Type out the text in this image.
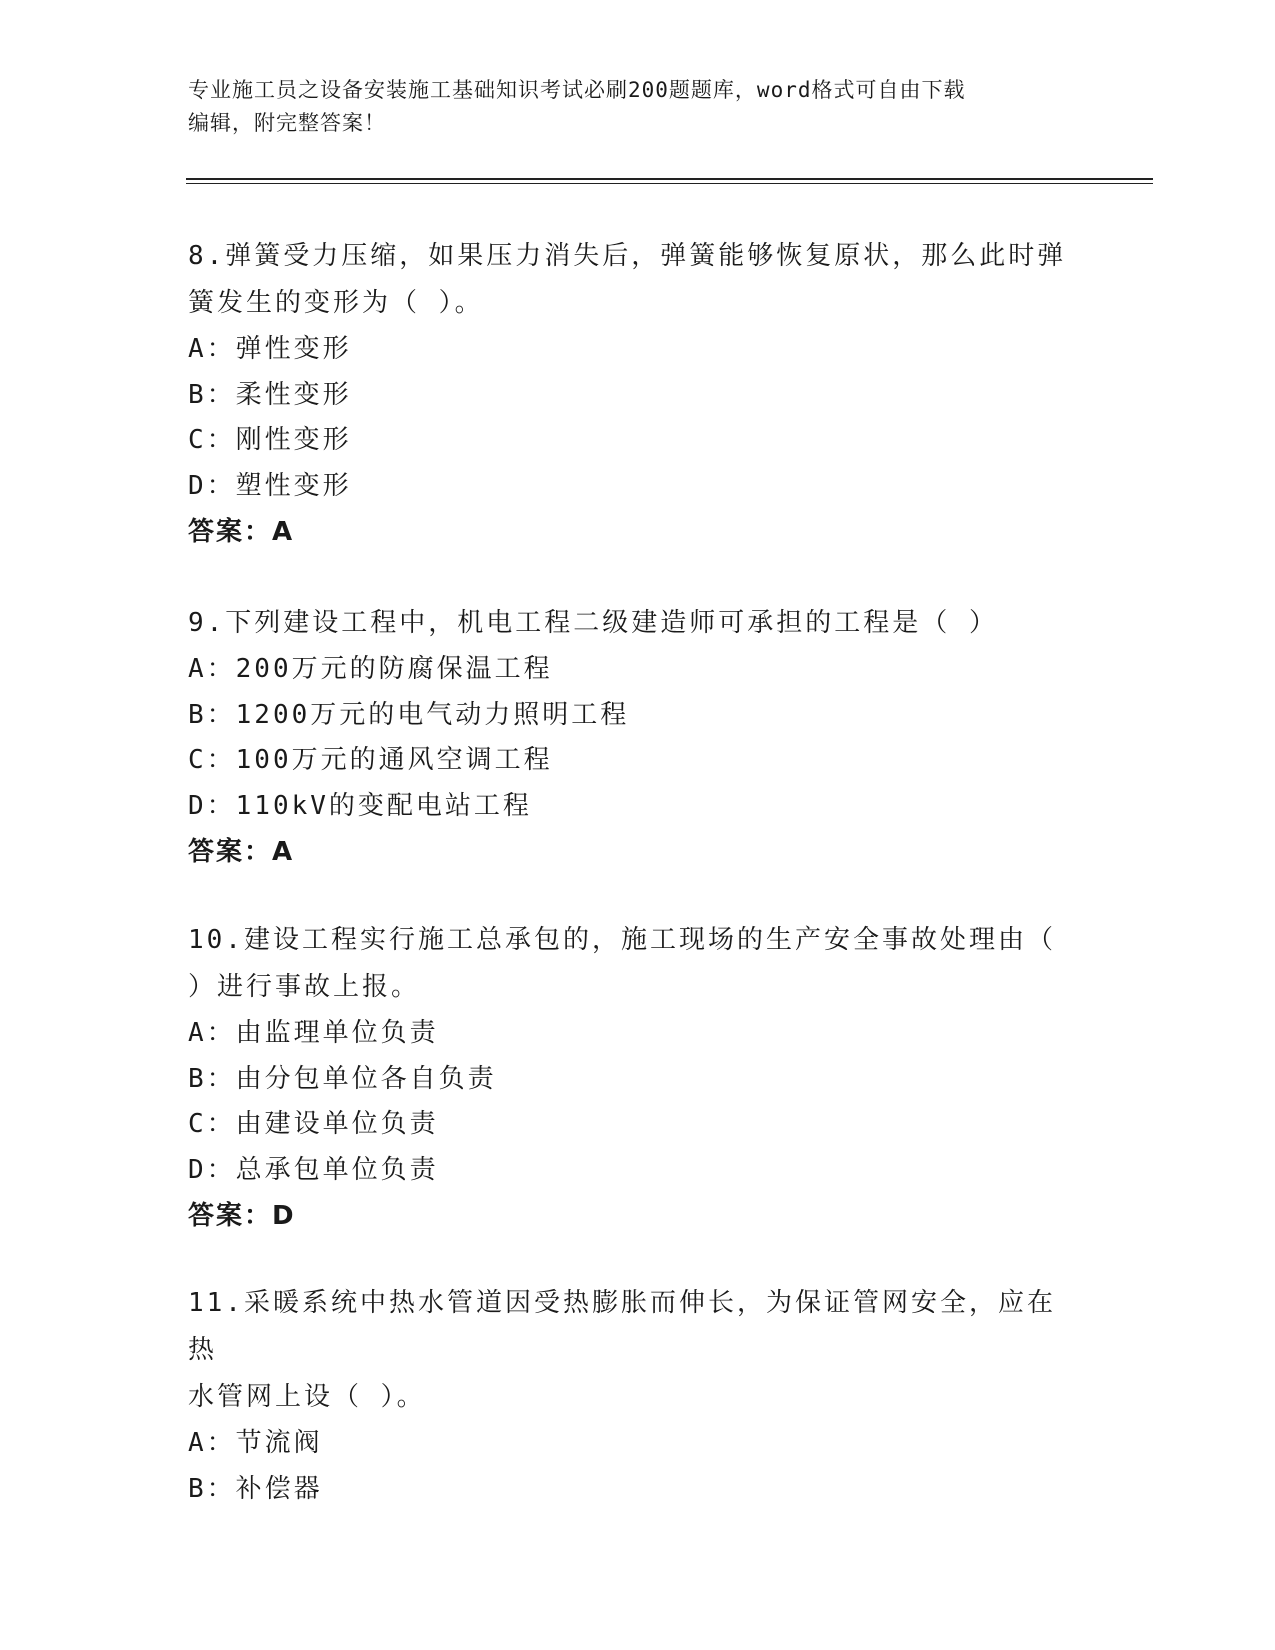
专业施工员之设备安装施工基础知识考试必刷200题题库，word格式可自由下载
编辑，附完整答案！

8.弹簧受力压缩，如果压力消失后，弹簧能够恢复原状，那么此时弹

簧发生的变形为（ ）。

A：弹性变形

B：柔性变形

C：刚性变形

D：塑性变形

答案：A

9.下列建设工程中，机电工程二级建造师可承担的工程是（ ）

A：200万元的防腐保温工程

B：1200万元的电气动力照明工程

C：100万元的通风空调工程

D：110kV的变配电站工程

答案：A

10.建设工程实行施工总承包的，施工现场的生产安全事故处理由（

）进行事故上报。

A：由监理单位负责

B：由分包单位各自负责

C：由建设单位负责

D：总承包单位负责

答案：D

11.采暖系统中热水管道因受热膨胀而伸长，为保证管网安全，应在热

水管网上设（ ）。

A：节流阀

B：补偿器
